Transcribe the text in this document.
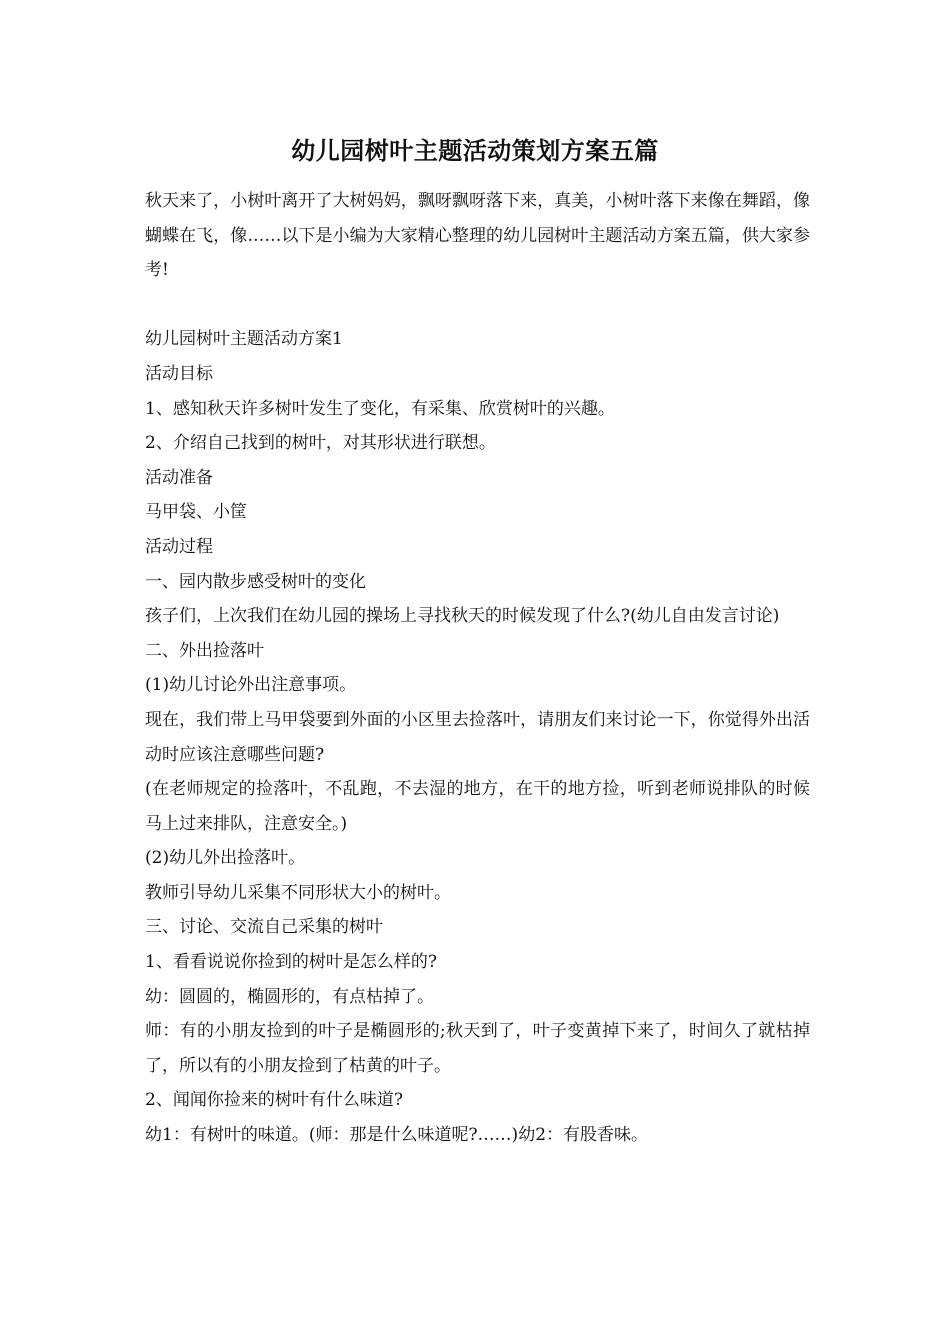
幼儿园树叶主题活动策划方案五篇

秋天来了，小树叶离开了大树妈妈，飘呀飘呀落下来，真美，小树叶落下来像在舞蹈，像蝴蝶在飞，像……以下是小编为大家精心整理的幼儿园树叶主题活动方案五篇，供大家参考!

幼儿园树叶主题活动方案1

活动目标

1、感知秋天许多树叶发生了变化，有采集、欣赏树叶的兴趣。

2、介绍自己找到的树叶，对其形状进行联想。

活动准备

马甲袋、小筐

活动过程

一、园内散步感受树叶的变化

孩子们，上次我们在幼儿园的操场上寻找秋天的时候发现了什么?(幼儿自由发言讨论)

二、外出捡落叶

(1)幼儿讨论外出注意事项。

现在，我们带上马甲袋要到外面的小区里去捡落叶，请朋友们来讨论一下，你觉得外出活动时应该注意哪些问题?

(在老师规定的捡落叶，不乱跑，不去湿的地方，在干的地方捡，听到老师说排队的时候马上过来排队，注意安全。)

(2)幼儿外出捡落叶。

教师引导幼儿采集不同形状大小的树叶。

三、讨论、交流自己采集的树叶

1、看看说说你捡到的树叶是怎么样的?

幼：圆圆的，椭圆形的，有点枯掉了。

师：有的小朋友捡到的叶子是椭圆形的;秋天到了，叶子变黄掉下来了，时间久了就枯掉了，所以有的小朋友捡到了枯黄的叶子。

2、闻闻你捡来的树叶有什么味道?

幼1：有树叶的味道。(师：那是什么味道呢?……)幼2：有股香味。
